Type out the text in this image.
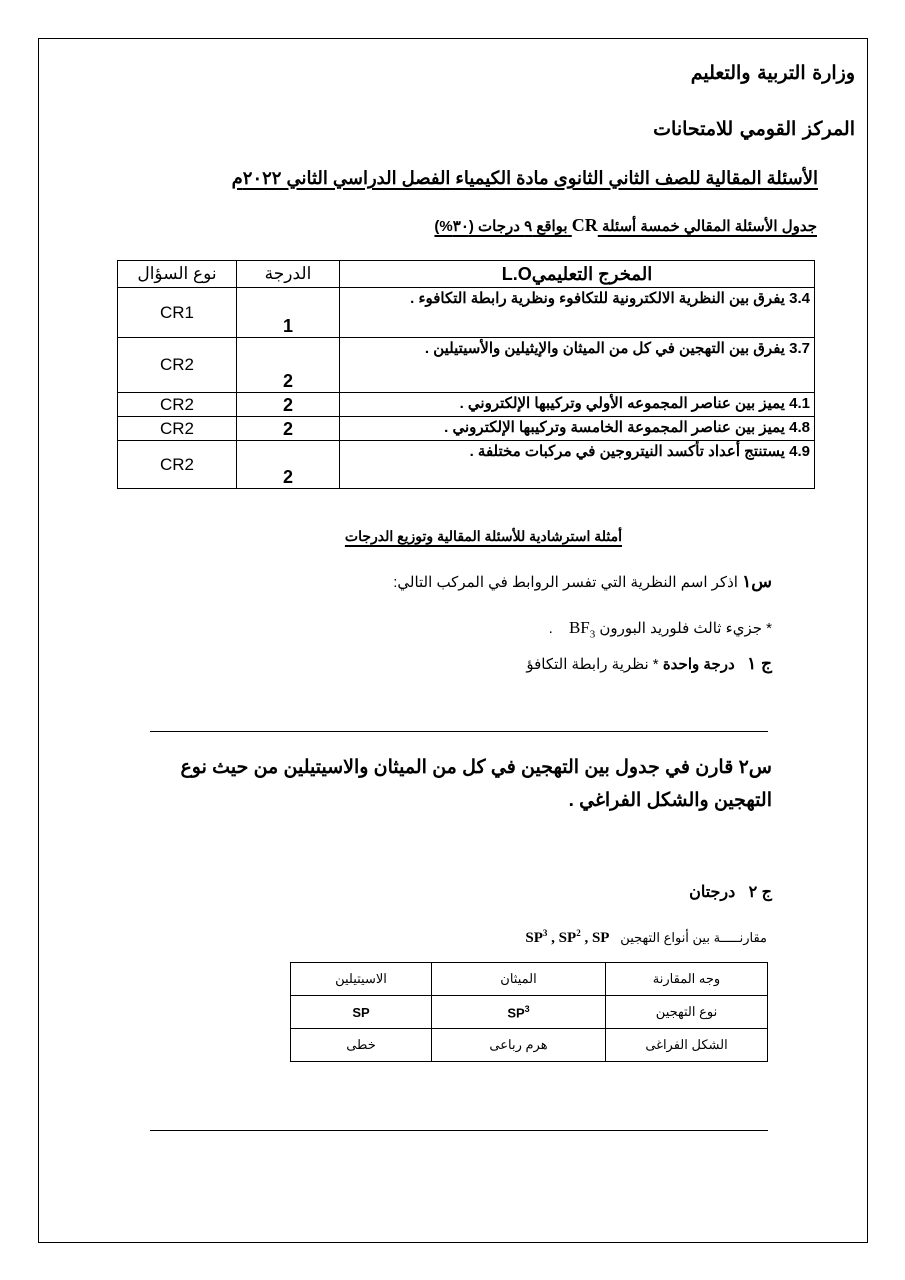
وزارة التربية والتعليم
المركز القومي للامتحانات
الأسئلة المقالية للصف الثاني الثانوى مادة الكيمياء الفصل الدراسي الثاني ٢٠٢٢م
جدول الأسئلة المقالي خمسة أسئلة CR بواقع ٩ درجات (٣٠%)
المخرج التعليميL.O	الدرجة	نوع السؤال
3.4 يفرق بين النظرية الالكترونية للتكافوء ونظرية رابطة التكافوء .	1	CR1
3.7 يفرق بين التهجين في كل من الميثان والإيثيلين والأسيتيلين .	2	CR2
4.1 يميز بين عناصر المجموعه الأولي وتركيبها الإلكتروني .	2	CR2
4.8 يميز بين عناصر المجموعة الخامسة وتركيبها الإلكتروني .	2	CR2
4.9 يستنتج أعداد تأكسد النيتروجين في مركبات مختلفة .	2	CR2
أمثلة استرشادية للأسئلة المقالية وتوزيع الدرجات
س١ اذكر اسم النظرية التي تفسر الروابط في المركب التالي:
* جزيء ثالث فلوريد البورون $BF_3$ .
ج ١   درجة واحدة * نظرية رابطة التكافؤ
س٢ قارن في جدول بين التهجين في كل من الميثان والاسيتيلين من حيث نوع
التهجين والشكل الفراغي .
ج ٢   درجتان
مقارنـــــة بين أنواع التهجين   $SP^3$ , $SP^2$ , SP
وجه المقارنة	الميثان	الاسيتيلين
نوع التهجين	$SP^3$	SP
الشكل الفراغى	هرم رباعى	خطى
